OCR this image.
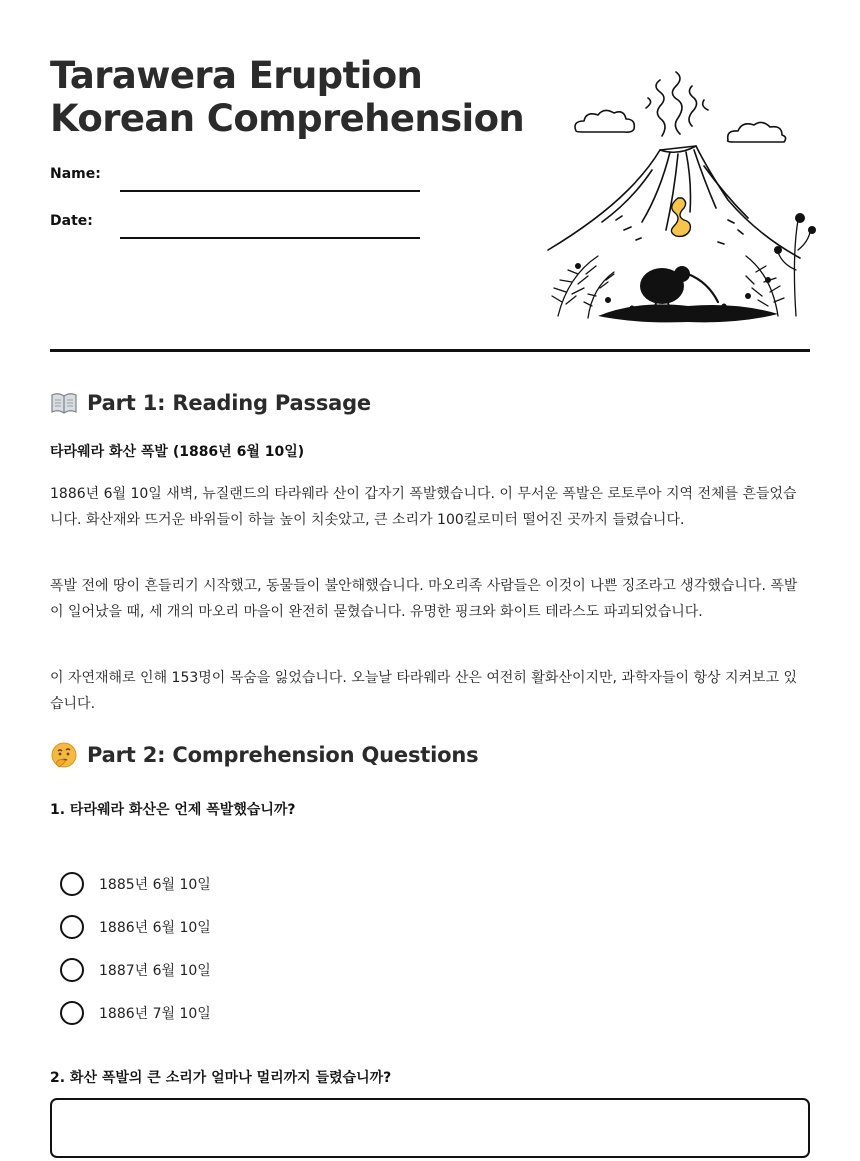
Tarawera Eruption
Korean Comprehension
Name:
Date:
Part 1: Reading Passage

타라웨라 화산 폭발 (1886년 6월 10일)

1886년 6월 10일 새벽, 뉴질랜드의 타라웨라 산이 갑자기 폭발했습니다. 이 무서운 폭발은 로토루아 지역 전체를 흔들었습니다. 화산재와 뜨거운 바위들이 하늘 높이 치솟았고, 큰 소리가 100킬로미터 떨어진 곳까지 들렸습니다.

폭발 전에 땅이 흔들리기 시작했고, 동물들이 불안해했습니다. 마오리족 사람들은 이것이 나쁜 징조라고 생각했습니다. 폭발이 일어났을 때, 세 개의 마오리 마을이 완전히 묻혔습니다. 유명한 핑크와 화이트 테라스도 파괴되었습니다.

이 자연재해로 인해 153명이 목숨을 잃었습니다. 오늘날 타라웨라 산은 여전히 활화산이지만, 과학자들이 항상 지켜보고 있습니다.

Part 2: Comprehension Questions

1. 타라웨라 화산은 언제 폭발했습니까?

1885년 6월 10일
1886년 6월 10일
1887년 6월 10일
1886년 7월 10일

2. 화산 폭발의 큰 소리가 얼마나 멀리까지 들렸습니까?
